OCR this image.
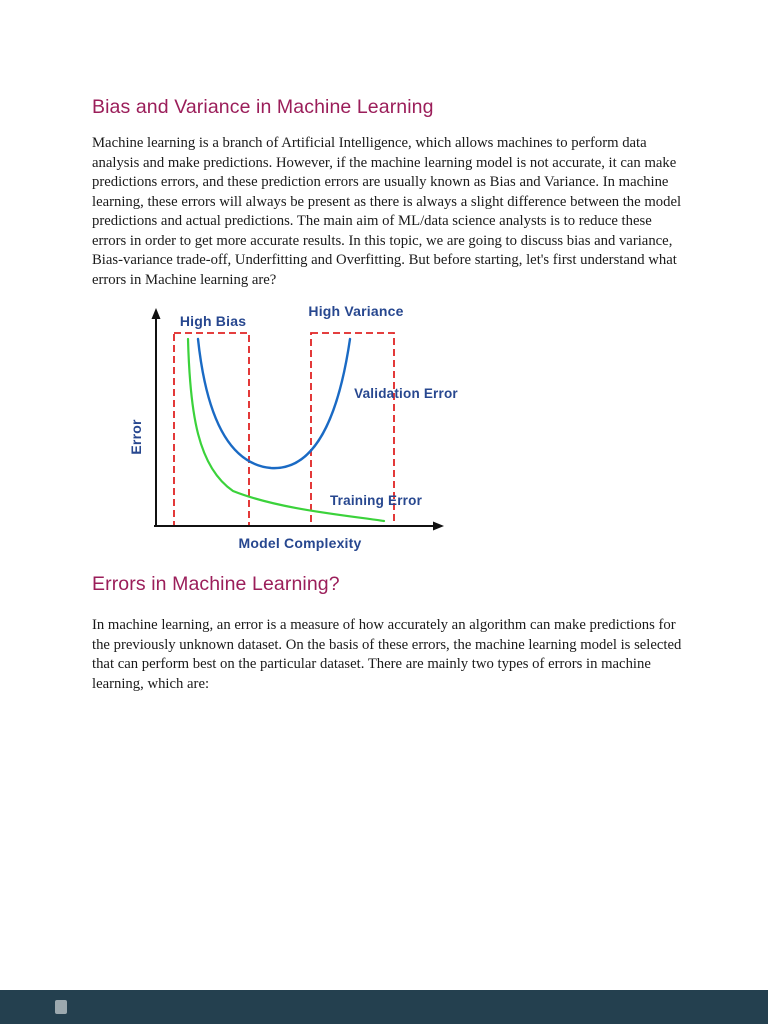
Bias and Variance in Machine Learning

Machine learning is a branch of Artificial Intelligence, which allows machines to perform data analysis and make predictions. However, if the machine learning model is not accurate, it can make predictions errors, and these prediction errors are usually known as Bias and Variance. In machine learning, these errors will always be present as there is always a slight difference between the model predictions and actual predictions. The main aim of ML/data science analysts is to reduce these errors in order to get more accurate results. In this topic, we are going to discuss bias and variance, Bias-variance trade-off, Underfitting and Overfitting. But before starting, let's first understand what errors in Machine learning are?

High Bias
High Variance
Validation Error
Training Error
Model Complexity
Error
Errors in Machine Learning?

In machine learning, an error is a measure of how accurately an algorithm can make predictions for the previously unknown dataset. On the basis of these errors, the machine learning model is selected that can perform best on the particular dataset. There are mainly two types of errors in machine learning, which are:
